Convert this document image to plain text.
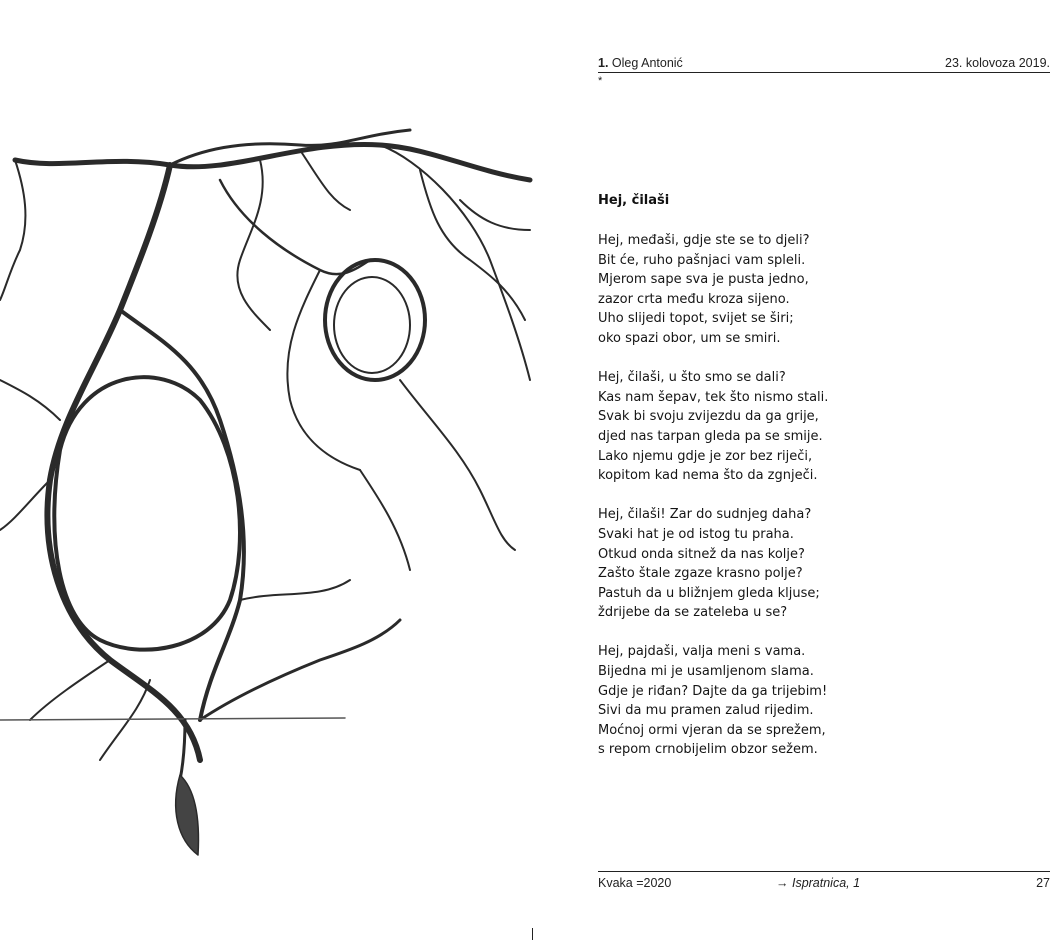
1. Oleg Antonić	23. kolovoza 2019.
*
Hej, čilaši
Hej, međaši, gdje ste se to djeli?
Bit će, ruho pašnjaci vam spleli.
Mjerom sape sva je pusta jedno,
zazor crta među kroza sijeno.
Uho slijedi topot, svijet se širi;
oko spazi obor, um se smiri.
Hej, čilaši, u što smo se dali?
Kas nam šepav, tek što nismo stali.
Svak bi svoju zvijezdu da ga grije,
djed nas tarpan gleda pa se smije.
Lako njemu gdje je zor bez riječi,
kopitom kad nema što da zgnječi.
Hej, čilaši! Zar do sudnjeg daha?
Svaki hat je od istog tu praha.
Otkud onda sitnež da nas kolje?
Zašto štale zgaze krasno polje?
Pastuh da u bližnjem gleda kljuse;
ždrijebe da se zateleba u se?
Hej, pajdaši, valja meni s vama.
Bijedna mi je usamljenom slama.
Gdje je riđan? Dajte da ga trijebim!
Sivi da mu pramen zalud rijedim.
Moćnoj ormi vjeran da se sprežem,
s repom crnobijelim obzor sežem.
Kvaka =2020	→ Ispratnica, 1	27
